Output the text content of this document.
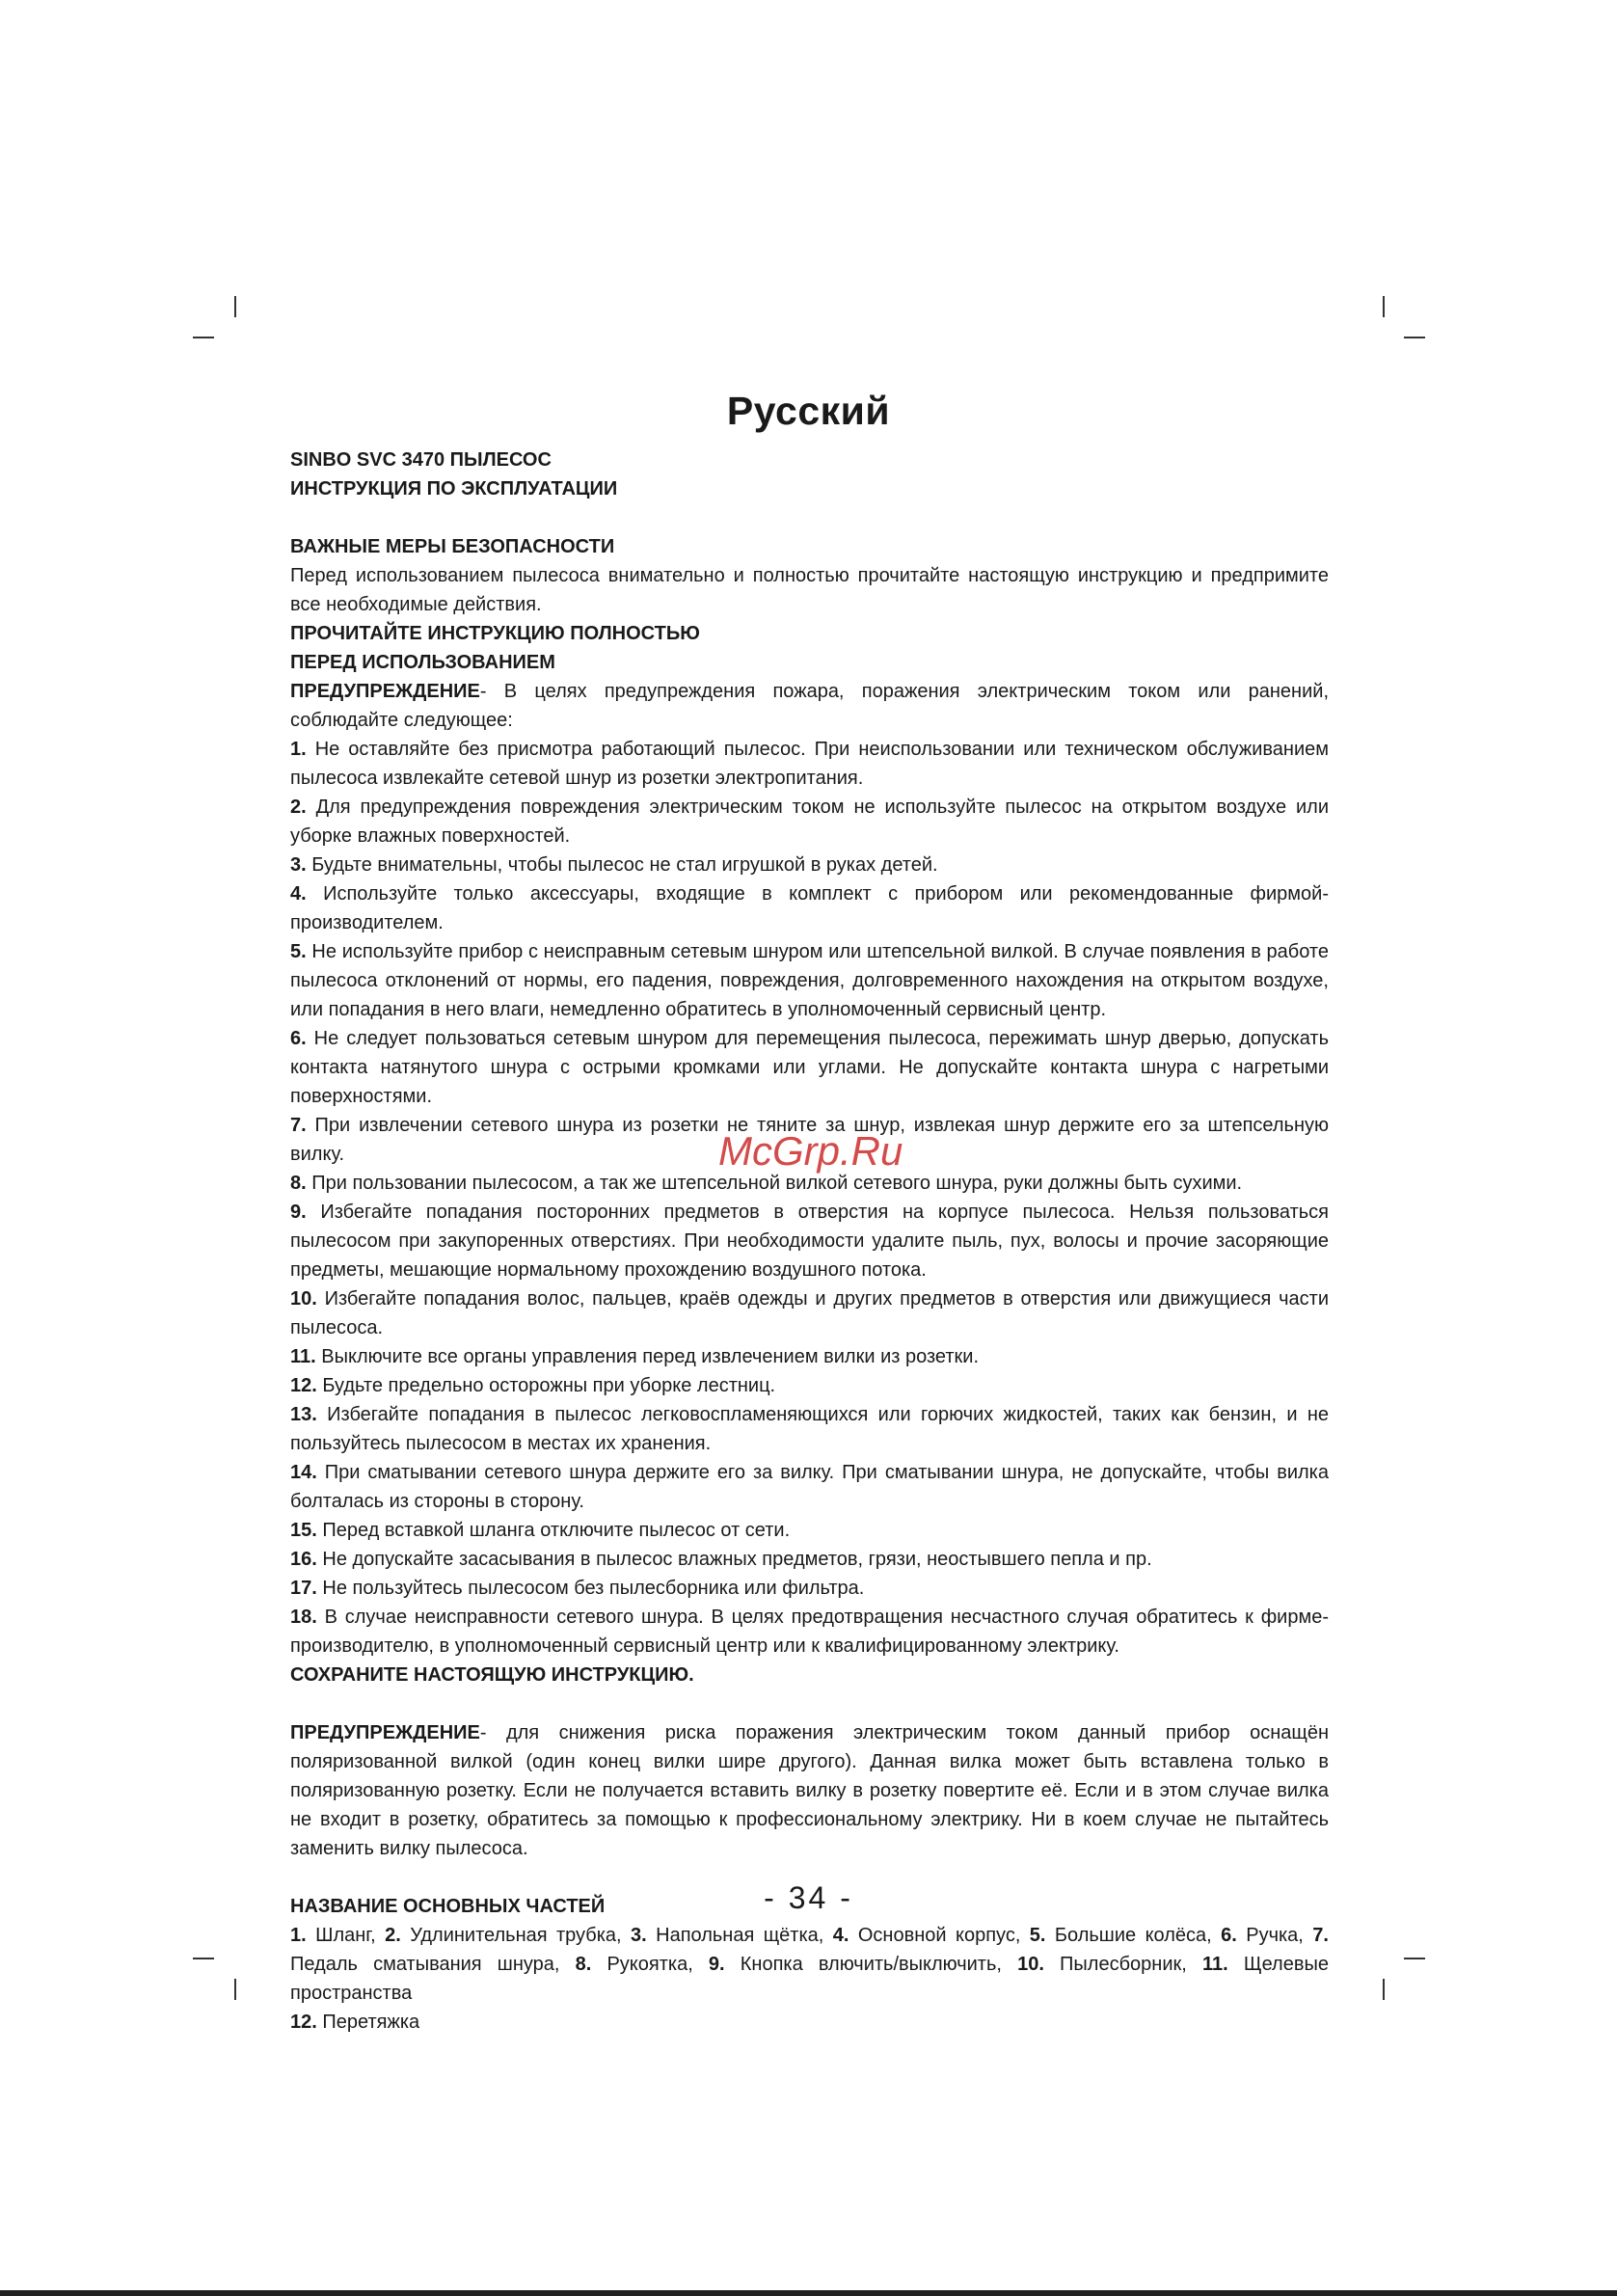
Русский

SINBO SVC 3470 ПЫЛЕСОС

ИНСТРУКЦИЯ ПО ЭКСПЛУАТАЦИИ

ВАЖНЫЕ МЕРЫ БЕЗОПАСНОСТИ

Перед использованием пылесоса внимательно и полностью прочитайте настоящую инструкцию и предпримите все необходимые действия.

ПРОЧИТАЙТЕ ИНСТРУКЦИЮ ПОЛНОСТЬЮ

ПЕРЕД ИСПОЛЬЗОВАНИЕМ

ПРЕДУПРЕЖДЕНИЕ- В целях предупреждения пожара, поражения электрическим током или ранений, соблюдайте следующее:

1. Не оставляйте без присмотра работающий пылесос. При неиспользовании или техническом обслуживанием пылесоса извлекайте сетевой шнур из розетки электропитания.

2. Для предупреждения повреждения электрическим током не используйте пылесос на открытом воздухе или уборке влажных поверхностей.

3. Будьте внимательны, чтобы пылесос не стал игрушкой в руках детей.

4. Используйте только аксессуары, входящие в комплект с прибором или рекомендованные фирмой-производителем.

5. Не используйте прибор с неисправным сетевым шнуром или штепсельной вилкой. В случае появления в работе пылесоса отклонений от нормы, его падения, повреждения, долговременного нахождения на открытом воздухе, или попадания в него влаги, немедленно обратитесь в уполномоченный сервисный центр.

6. Не следует пользоваться сетевым шнуром для перемещения пылесоса, пережимать шнур дверью, допускать контакта натянутого шнура с острыми кромками или углами. Не допускайте контакта шнура с нагретыми поверхностями.

7. При извлечении сетевого шнура из розетки не тяните за шнур, извлекая шнур держите его за штепсельную вилку.

8. При пользовании пылесосом, а так же штепсельной вилкой сетевого шнура, руки должны быть сухими.

9. Избегайте попадания посторонних предметов в отверстия на корпусе пылесоса. Нельзя пользоваться пылесосом при закупоренных отверстиях. При необходимости удалите пыль, пух, волосы и прочие засоряющие предметы, мешающие нормальному прохождению воздушного потока.

10. Избегайте попадания волос, пальцев, краёв одежды и других предметов в отверстия или движущиеся части пылесоса.

11. Выключите все органы управления перед извлечением вилки из розетки.

12. Будьте предельно осторожны при уборке лестниц.

13. Избегайте попадания в пылесос легковоспламеняющихся или горючих жидкостей, таких как бензин, и не пользуйтесь пылесосом в местах их хранения.

14. При сматывании сетевого шнура держите его за вилку. При сматывании шнура, не допускайте, чтобы вилка болталась из стороны в сторону.

15. Перед вставкой шланга отключите пылесос от сети.

16. Не допускайте засасывания в пылесос влажных предметов, грязи, неостывшего пепла и пр.

17. Не пользуйтесь пылесосом без пылесборника или фильтра.

18. В случае неисправности сетевого шнура. В целях предотвращения несчастного случая обратитесь к фирме-производителю, в уполномоченный сервисный центр или к квалифицированному электрику.

СОХРАНИТЕ НАСТОЯЩУЮ ИНСТРУКЦИЮ.

ПРЕДУПРЕЖДЕНИЕ- для снижения риска поражения электрическим током данный прибор оснащён поляризованной вилкой (один конец вилки шире другого). Данная вилка может быть вставлена только в поляризованную розетку. Если не получается вставить вилку в розетку повертите её. Если и в этом случае вилка не входит в розетку, обратитесь за помощью к профессиональному электрику. Ни в коем случае не пытайтесь заменить вилку пылесоса.

НАЗВАНИЕ ОСНОВНЫХ ЧАСТЕЙ

1. Шланг, 2. Удлинительная трубка, 3. Напольная щётка, 4. Основной корпус, 5. Большие колёса, 6. Ручка, 7. Педаль сматывания шнура, 8. Рукоятка, 9. Кнопка влючить/выключить, 10. Пылесборник, 11. Щелевые пространства

12. Перетяжка

McGrp.Ru

- 34 -
